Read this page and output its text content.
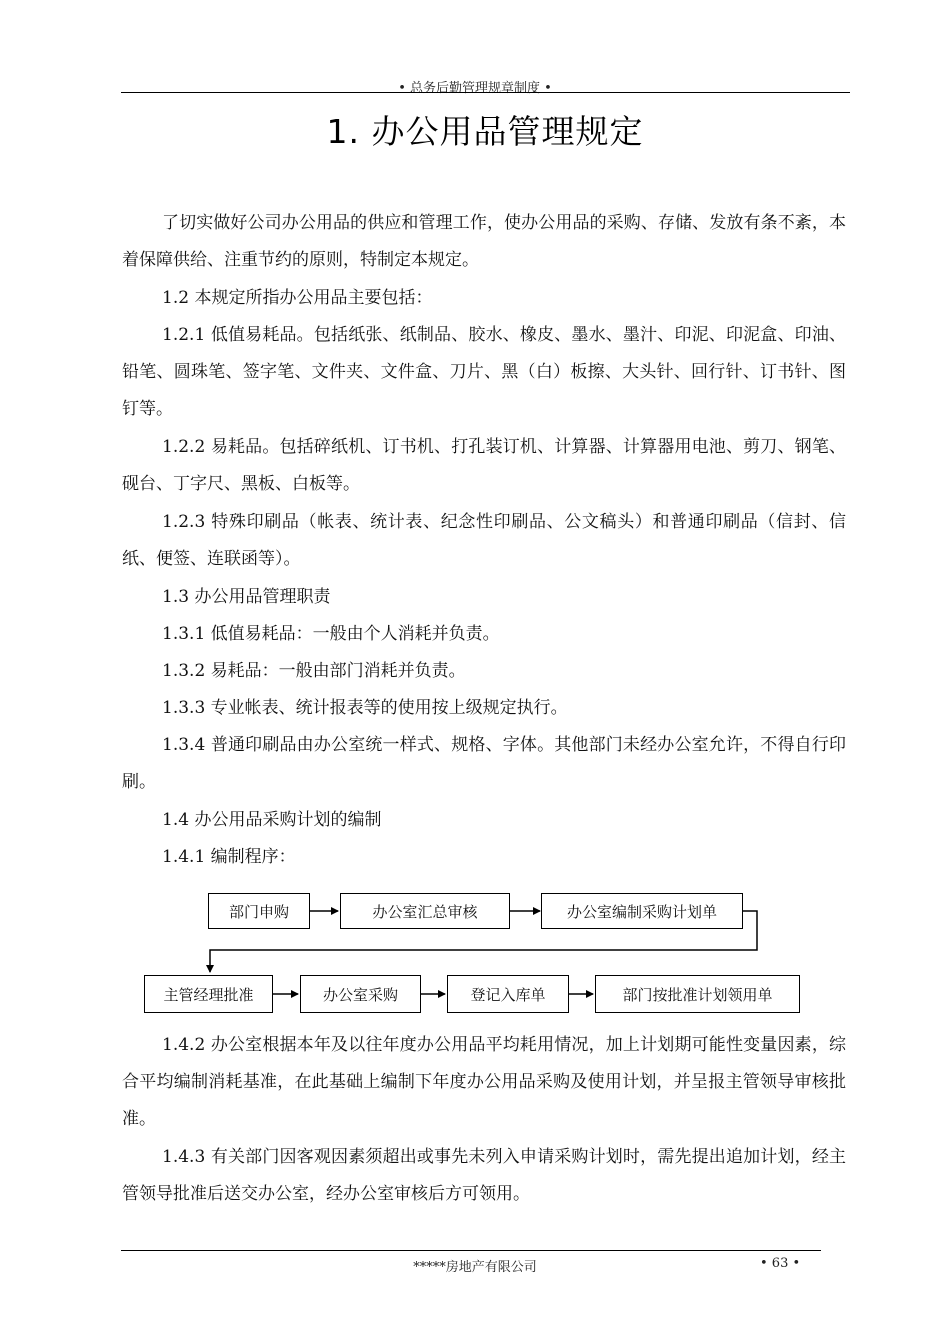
• 总务后勤管理规章制度 •
1. 办公用品管理规定

了切实做好公司办公用品的供应和管理工作，使办公用品的采购、存储、发放有条不紊，本着保障供给、注重节约的原则，特制定本规定。

1.2 本规定所指办公用品主要包括：

1.2.1 低值易耗品。包括纸张、纸制品、胶水、橡皮、墨水、墨汁、印泥、印泥盒、印油、铅笔、圆珠笔、签字笔、文件夹、文件盒、刀片、黑（白）板擦、大头针、回行针、订书针、图钉等。

1.2.2 易耗品。包括碎纸机、订书机、打孔装订机、计算器、计算器用电池、剪刀、钢笔、砚台、丁字尺、黑板、白板等。

1.2.3 特殊印刷品（帐表、统计表、纪念性印刷品、公文稿头）和普通印刷品（信封、信纸、便签、连联函等）。

1.3 办公用品管理职责

1.3.1 低值易耗品：一般由个人消耗并负责。

1.3.2 易耗品：一般由部门消耗并负责。

1.3.3 专业帐表、统计报表等的使用按上级规定执行。

1.3.4 普通印刷品由办公室统一样式、规格、字体。其他部门未经办公室允许，不得自行印刷。

1.4 办公用品采购计划的编制

1.4.1 编制程序：

部门申购	办公室汇总审核	办公室编制采购计划单
主管经理批准	办公室采购	登记入库单	部门按批准计划领用单

1.4.2 办公室根据本年及以往年度办公用品平均耗用情况，加上计划期可能性变量因素，综合平均编制消耗基准，在此基础上编制下年度办公用品采购及使用计划，并呈报主管领导审核批准。

1.4.3 有关部门因客观因素须超出或事先未列入申请采购计划时，需先提出追加计划，经主管领导批准后送交办公室，经办公室审核后方可领用。

*****房地产有限公司	• 63 •
